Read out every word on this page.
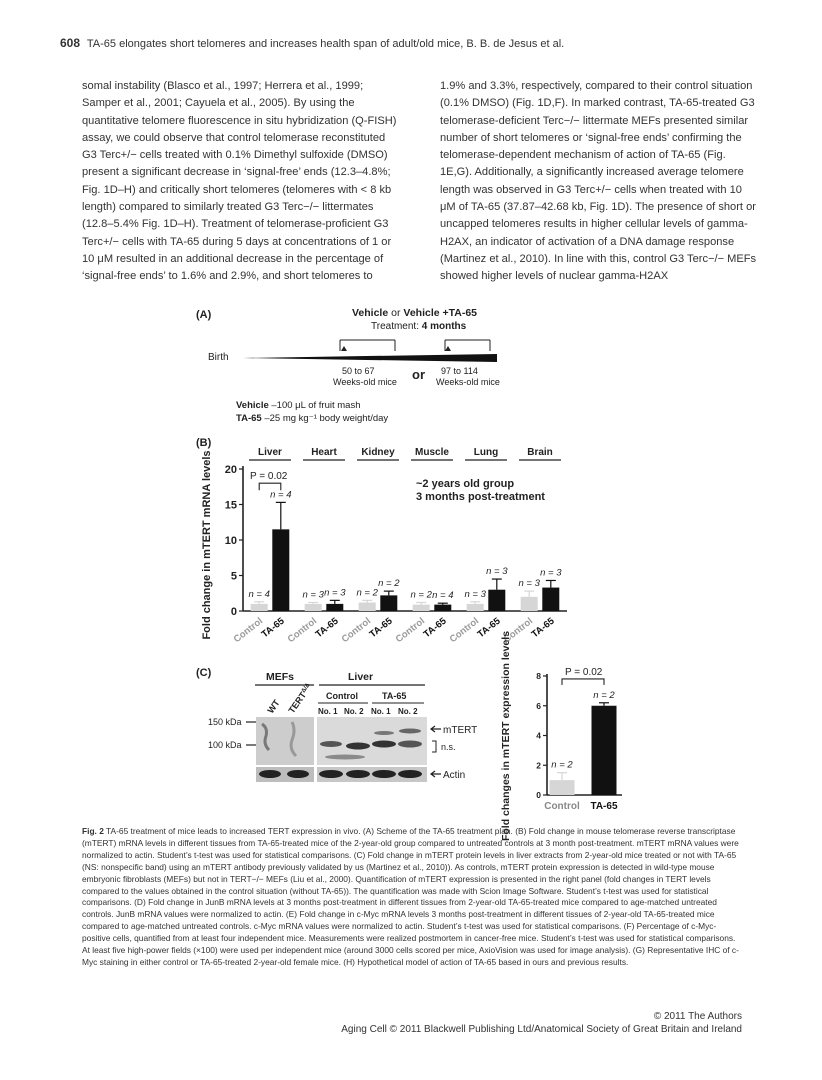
608 TA-65 elongates short telomeres and increases health span of adult/old mice, B. B. de Jesus et al.

somal instability (Blasco et al., 1997; Herrera et al., 1999; Samper et al., 2001; Cayuela et al., 2005). By using the quantitative telomere fluorescence in situ hybridization (Q-FISH) assay, we could observe that control telomerase reconstituted G3 Terc+/− cells treated with 0.1% Dimethyl sulfoxide (DMSO) present a significant decrease in ‘signal-free’ ends (12.3–4.8%; Fig. 1D–H) and critically short telomeres (telomeres with < 8 kb length) compared to similarly treated G3 Terc−/− littermates (12.8–5.4% Fig. 1D–H). Treatment of telomerase-proficient G3 Terc+/− cells with TA-65 during 5 days at concentrations of 1 or 10 μM resulted in an additional decrease in the percentage of ‘signal-free ends’ to 1.6% and 2.9%, and short telomeres to

1.9% and 3.3%, respectively, compared to their control situation (0.1% DMSO) (Fig. 1D,F). In marked contrast, TA-65-treated G3 telomerase-deficient Terc−/− littermate MEFs presented similar number of short telomeres or ‘signal-free ends’ confirming the telomerase-dependent mechanism of action of TA-65 (Fig. 1E,G). Additionally, a significantly increased average telomere length was observed in G3 Terc+/− cells when treated with 10 μM of TA-65 (37.87–42.68 kb, Fig. 1D). The presence of short or uncapped telomeres results in higher cellular levels of gamma-H2AX, an indicator of activation of a DNA damage response (Martinez et al., 2010). In line with this, control G3 Terc−/− MEFs showed higher levels of nuclear gamma-H2AX

(A)	Vehicle or Vehicle +TA-65
Treatment: 4 months
Birth
50 to 67
Weeks-old mice or 97 to 114
Weeks-old mice
Vehicle –100 μL of fruit mash
TA-65 –25 mg kg⁻¹ body weight/day
(B)
~2 years old group
3 months post-treatment
Fold change in mTERT mRNA levels 0
5
10
15
20
Liver
n = 4
Control
n = 4
TA-65
Heart
n = 3
Control
n = 3
TA-65
Kidney
n = 2
Control
n = 2
TA-65
Muscle
n = 2
Control
n = 4
TA-65
Lung
n = 3
Control
n = 3
TA-65
Brain
n = 3
Control
n = 3
TA-65
P = 0.02
(C)	MEFs	Liver
Control	TA-65
No. 1 No. 2 No. 1 No. 2
WT $TERT^{\Delta/\Delta}$
150 kDa
100 kDa
mTERT
n.s.
Actin	Fold changes in mTERT expression levels	0
2
4
6
8
n = 2
Control
n = 2
TA-65
P = 0.02
Fig. 2 TA-65 treatment of mice leads to increased TERT expression in vivo. (A) Scheme of the TA-65 treatment plan. (B) Fold change in mouse telomerase reverse transcriptase (mTERT) mRNA levels in different tissues from TA-65-treated mice of the 2-year-old group compared to untreated controls at 3 month post-treatment. mTERT mRNA values were normalized to actin. Student’s t-test was used for statistical comparisons. (C) Fold change in mTERT protein levels in liver extracts from 2-year-old mice treated or not with TA-65 (NS: nonspecific band) using an mTERT antibody previously validated by us (Martinez et al., 2010)). As controls, mTERT protein expression is detected in wild-type mouse embryonic fibroblasts (MEFs) but not in TERT−/− MEFs (Liu et al., 2000). Quantification of mTERT expression is presented in the right panel (fold changes in TERT levels compared to the values obtained in the control situation (without TA-65)). The quantification was made with Scion Image Software. Student’s t-test was used for statistical comparisons. (D) Fold change in JunB mRNA levels at 3 months post-treatment in different tissues from 2-year-old TA-65-treated mice compared to age-matched untreated controls. JunB mRNA values were normalized to actin. (E) Fold change in c-Myc mRNA levels 3 months post-treatment in different tissues of 2-year-old TA-65-treated mice compared to age-matched untreated controls. c-Myc mRNA values were normalized to actin. Student’s t-test was used for statistical comparisons. (F) Percentage of c-Myc-positive cells, quantified from at least four independent mice. Measurements were realized postmortem in cancer-free mice. Student’s t-test was used for statistical comparisons. At least five high-power fields (×100) were used per independent mice (around 3000 cells scored per mice, AxioVision was used for image analysis). (G) Representative IHC of c-Myc staining in either control or TA-65-treated 2-year-old female mice. (H) Hypothetical model of action of TA-65 based in ours and previous results.
© 2011 The Authors
Aging Cell © 2011 Blackwell Publishing Ltd/Anatomical Society of Great Britain and Ireland
